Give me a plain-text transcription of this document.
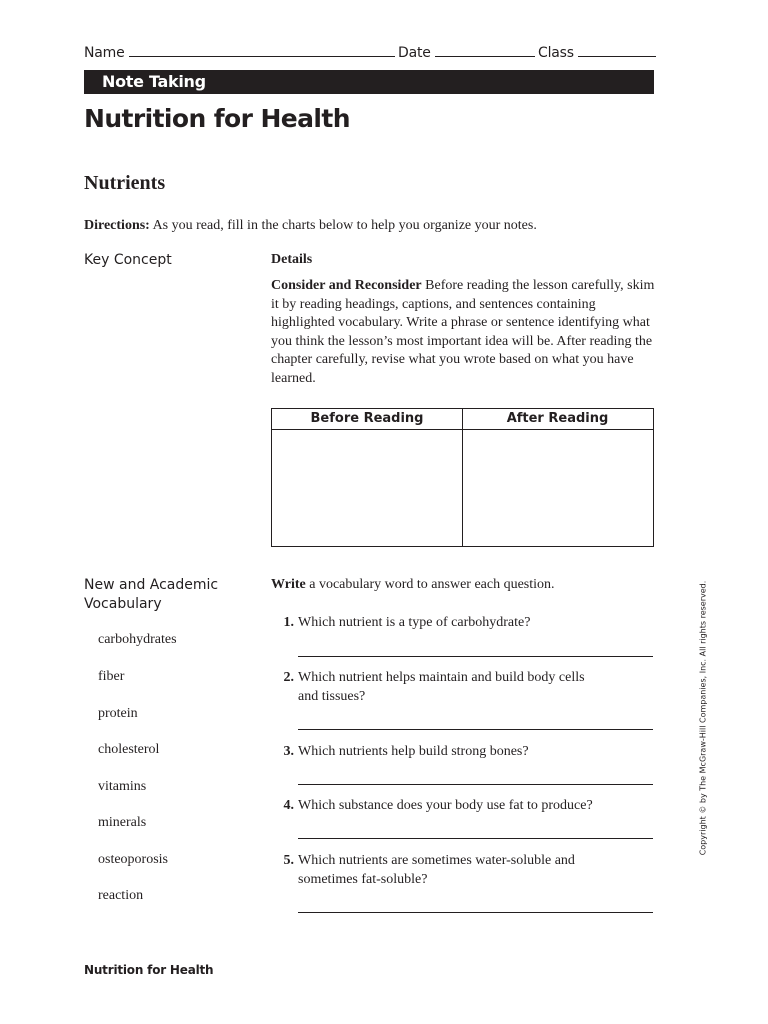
Name	Date	Class
Note Taking
Nutrition for Health
Nutrients
Directions: As you read, fill in the charts below to help you organize your notes.
Key Concept	Details
Consider and Reconsider Before reading the lesson carefully, skim it by reading headings, captions, and sentences containing highlighted vocabulary. Write a phrase or sentence identifying what you think the lesson’s most important idea will be. After reading the chapter carefully, revise what you wrote based on what you have learned.
Before Reading	After Reading
New and Academic
Vocabulary
carbohydrates
fiber
protein
cholesterol
vitamins
minerals
osteoporosis
reaction
Write a vocabulary word to answer each question.
1. Which nutrient is a type of carbohydrate?
2. Which nutrient helps maintain and build body cells
and tissues?
3. Which nutrients help build strong bones?
4. Which substance does your body use fat to produce?
5. Which nutrients are sometimes water-soluble and
sometimes fat-soluble?
Nutrition for Health
Copyright © by The McGraw-Hill Companies, Inc. All rights reserved.
